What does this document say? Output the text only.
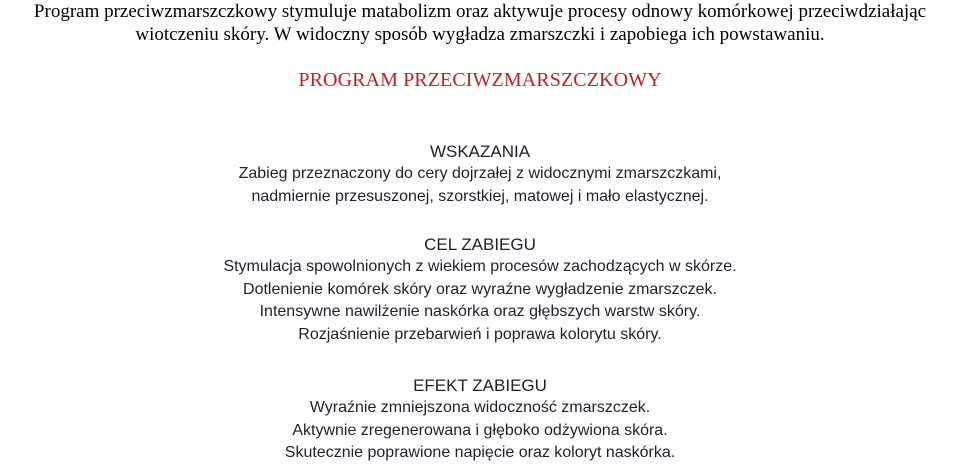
Program przeciwzmarszczkowy stymuluje matabolizm oraz aktywuje procesy odnowy komórkowej przeciwdziałając
wiotczeniu skóry. W widoczny sposób wygładza zmarszczki i zapobiega ich powstawaniu.
PROGRAM PRZECIWZMARSZCZKOWY
WSKAZANIA
Zabieg przeznaczony do cery dojrzałej z widocznymi zmarszczkami,
nadmiernie przesuszonej, szorstkiej, matowej i mało elastycznej.
CEL ZABIEGU
Stymulacja spowolnionych z wiekiem procesów zachodzących w skórze.
Dotlenienie komórek skóry oraz wyraźne wygładzenie zmarszczek.
Intensywne nawilżenie naskórka oraz głębszych warstw skóry.
Rozjaśnienie przebarwień i poprawa kolorytu skóry.
EFEKT ZABIEGU
Wyraźnie zmniejszona widoczność zmarszczek.
Aktywnie zregenerowana i głęboko odżywiona skóra.
Skutecznie poprawione napięcie oraz koloryt naskórka.
